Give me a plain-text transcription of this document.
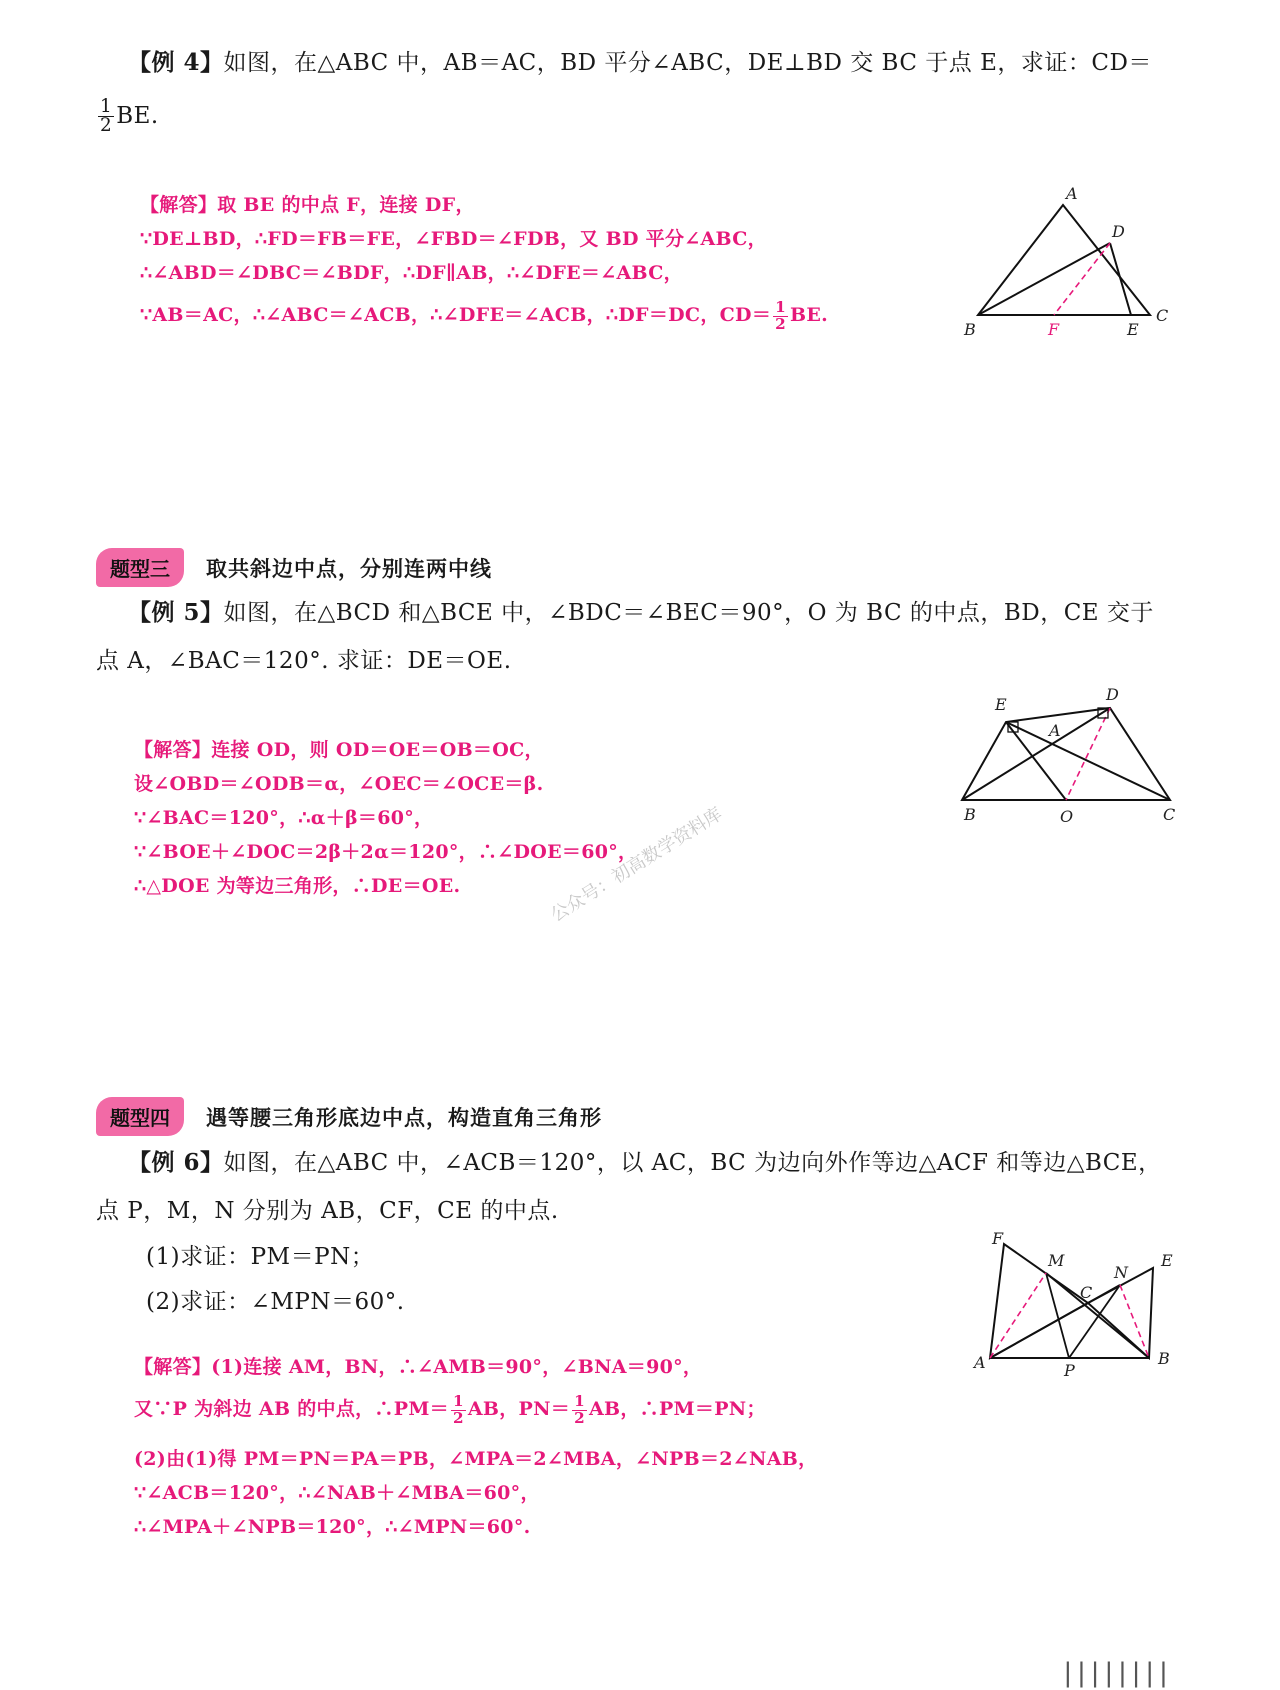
【例 4】如图，在△ABC 中，AB＝AC，BD 平分∠ABC，DE⊥BD 交 BC 于点 E，求证：CD＝
$\frac{1}{2}$ BE.
【解答】取 BE 的中点 F，连接 DF，
∵DE⊥BD，∴FD＝FB＝FE，∠FBD＝∠FDB，又 BD 平分∠ABC，
∴∠ABD＝∠DBC＝∠BDF，∴DF∥AB，∴∠DFE＝∠ABC，
∵AB＝AC，∴∠ABC＝∠ACB，∴∠DFE＝∠ACB，∴DF＝DC，$CD= \frac{1}{2}$ BE.
A
B
C
D
E
F
题型三	取共斜边中点，分别连两中线
【例 5】如图，在△BCD 和△BCE 中，∠BDC＝∠BEC＝90°，O 为 BC 的中点，BD，CE 交于
点 A，∠BAC＝120°. 求证：DE＝OE.
【解答】连接 OD，则 OD＝OE＝OB＝OC，
设∠OBD＝∠ODB＝α，∠OEC＝∠OCE＝β.
∵∠BAC＝120°，∴α＋β＝60°，
∵∠BOE＋∠DOC＝2β＋2α＝120°，∴∠DOE＝60°，
∴△DOE 为等边三角形，∴DE＝OE.
E
D
A
B	O	C
公众号：初高数学资料库
题型四	遇等腰三角形底边中点，构造直角三角形
【例 6】如图，在△ABC 中，∠ACB＝120°，以 AC，BC 为边向外作等边△ACF 和等边△BCE，
点 P，M，N 分别为 AB，CF，CE 的中点.
(1)求证：PM＝PN；
(2)求证：∠MPN＝60°.
【解答】(1)连接 AM，BN，∴∠AMB＝90°，∠BNA＝90°，
又∵P 为斜边 AB 的中点，∴PM＝ $\frac{1}{2}$ AB，$PN= \frac{1}{2}$ AB，∴PM＝PN；
(2)由(1)得 PM＝PN＝PA＝PB，∠MPA＝2∠MBA，∠NPB＝2∠NAB，
∵∠ACB＝120°，∴∠NAB＋∠MBA＝60°，
∴∠MPA＋∠NPB＝120°，∴∠MPN＝60°.
F
M
C
N
E
A	P
B
||||||||
